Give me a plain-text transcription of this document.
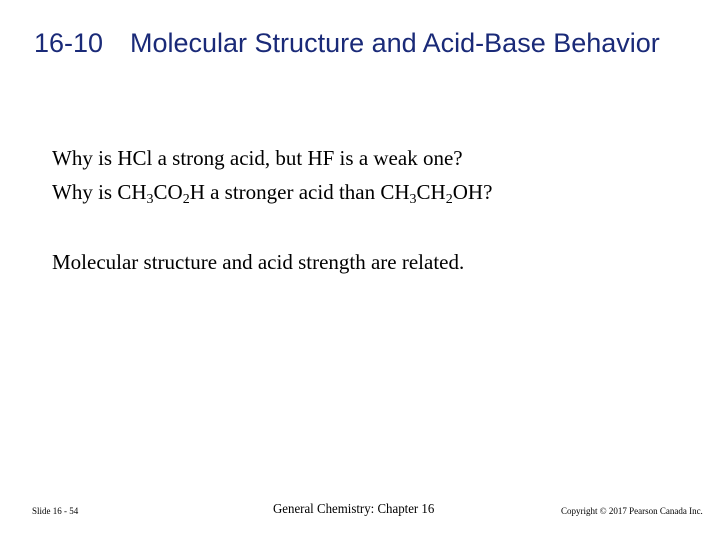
16-10 Molecular Structure and Acid-Base Behavior
Why is HCl a strong acid, but HF is a weak one?
Why is $CH_3CO_2H$ a stronger acid than $CH_3CH_2OH$?
Molecular structure and acid strength are related.
Slide 16 - 54	General Chemistry: Chapter 16	Copyright © 2017 Pearson Canada Inc.
